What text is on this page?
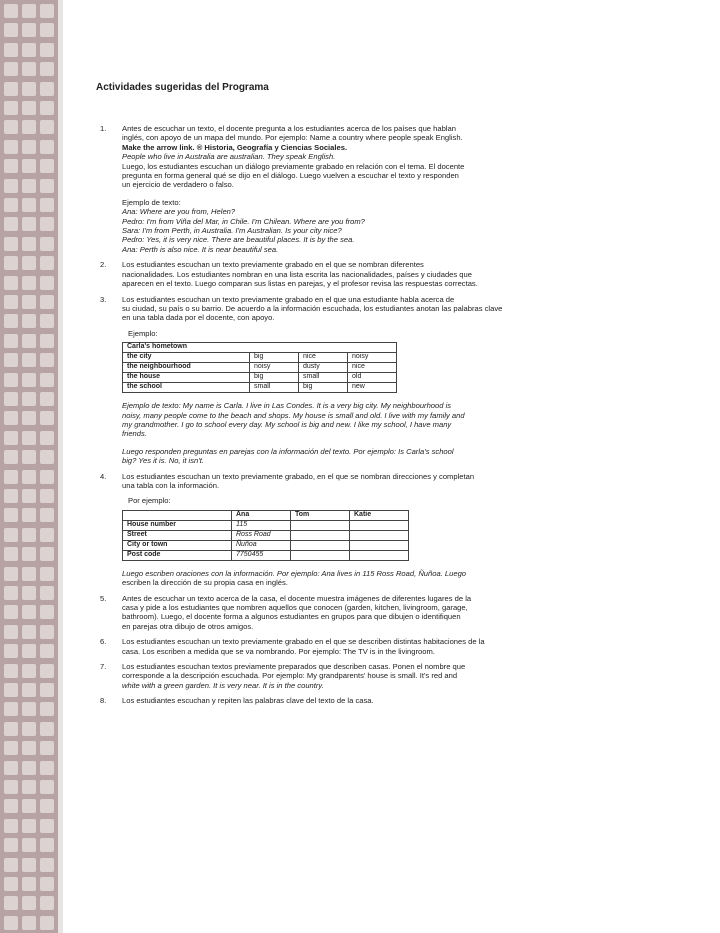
Actividades sugeridas del Programa
1. Antes de escuchar un texto, el docente pregunta a los estudiantes acerca de los países que hablan

inglés, con apoyo de un mapa del mundo. Por ejemplo: Name a country where people speak English.

Make the arrow link. ® Historia, Geografía y Ciencias Sociales.

People who live in Australia are australian. They speak English.

Luego, los estudiantes escuchan un diálogo previamente grabado en relación con el tema. El docente

pregunta en forma general qué se dijo en el diálogo. Luego vuelven a escuchar el texto y responden

un ejercicio de verdadero o falso.

Ejemplo de texto:

Ana: Where are you from, Helen?

Pedro: I'm from Viña del Mar, in Chile. I'm Chilean. Where are you from?

Sara: I'm from Perth, in Australia. I'm Australian. Is your city nice?

Pedro: Yes, it is very nice. There are beautiful places. It is by the sea.

Ana: Perth is also nice. It is near beautiful sea.

2. Los estudiantes escuchan un texto previamente grabado en el que se nombran diferentes

nacionalidades. Los estudiantes nombran en una lista escrita las nacionalidades, países y ciudades que

aparecen en el texto. Luego comparan sus listas en parejas, y el profesor revisa las respuestas correctas.

3. Los estudiantes escuchan un texto previamente grabado en el que una estudiante habla acerca de

su ciudad, su país o su barrio. De acuerdo a la información escuchada, los estudiantes anotan las palabras clave

en una tabla dada por el docente, con apoyo.

Ejemplo:

Carla's hometown			
the city	big	nice	noisy
the neighbourhood	noisy	dusty	nice
the house	big	small	old
the school	small	big	new

Ejemplo de texto: My name is Carla. I live in Las Condes. It is a very big city. My neighbourhood is

noisy, many people come to the beach and shops. My house is small and old. I live with my family and

my grandmother. I go to school every day. My school is big and new. I like my school, I have many

friends.

Luego responden preguntas en parejas con la información del texto. Por ejemplo: Is Carla's school

big? Yes it is. No, it isn't.

4. Los estudiantes escuchan un texto previamente grabado, en el que se nombran direcciones y completan

una tabla con la información.

Por ejemplo:

	Ana	Tom	Katie
House number	115		
Street	Ross Road		
City or town	Ñuñoa		
Post code	7750455		

Luego escriben oraciones con la información. Por ejemplo: Ana lives in 115 Ross Road, Ñuñoa. Luego

escriben la dirección de su propia casa en inglés.

5. Antes de escuchar un texto acerca de la casa, el docente muestra imágenes de diferentes lugares de la

casa y pide a los estudiantes que nombren aquellos que conocen (garden, kitchen, livingroom, garage,

bathroom). Luego, el docente forma a algunos estudiantes en grupos para que dibujen o identifiquen

en parejas otra dibujo de otros amigos.

6. Los estudiantes escuchan un texto previamente grabado en el que se describen distintas habitaciones de la

casa. Los escriben a medida que se va nombrando. Por ejemplo: The TV is in the livingroom.

7. Los estudiantes escuchan textos previamente preparados que describen casas. Ponen el nombre que

corresponde a la descripción escuchada. Por ejemplo: My grandparents' house is small. It's red and

white with a green garden. It is very near. It is in the country.

8. Los estudiantes escuchan y repiten las palabras clave del texto de la casa.
